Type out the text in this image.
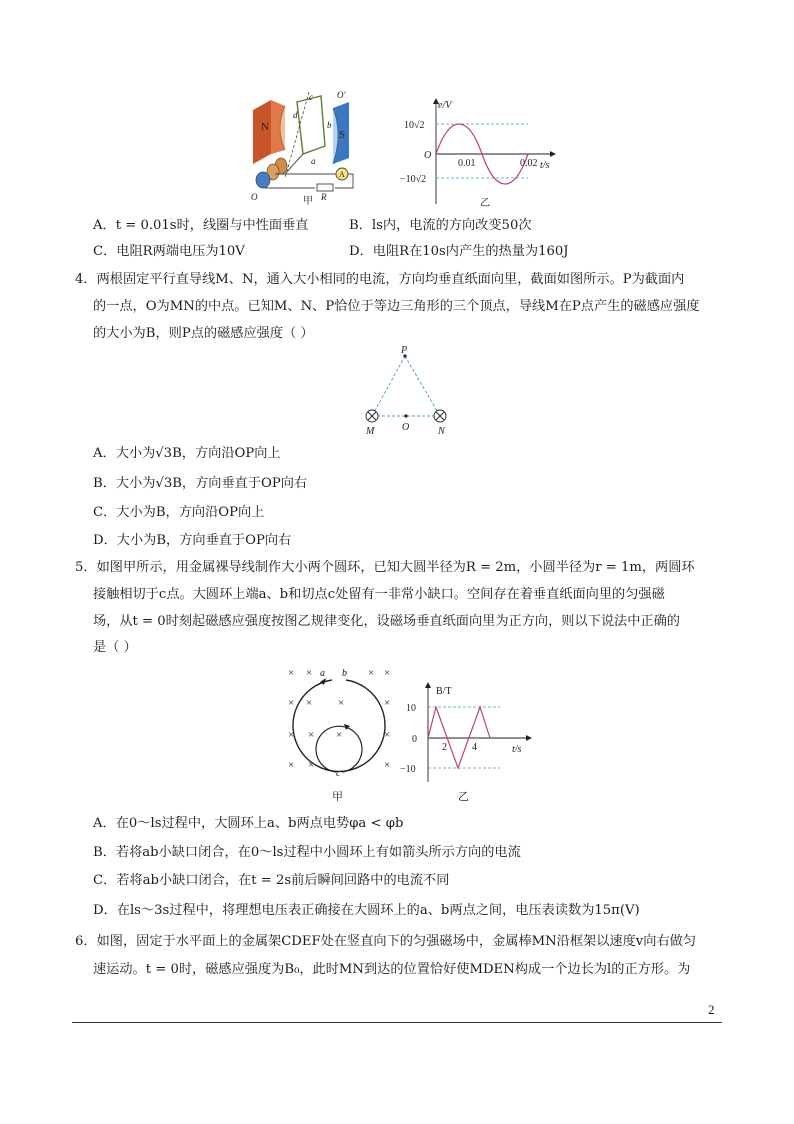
A
N
S
c
d
b
a
O′
O	R
甲
e/V
t/s
10√2
−10√2
O
0.01	0.02
乙
A．t = 0.01s时，线圈与中性面垂直	B．ls内，电流的方向改变50次
C．电阻R两端电压为10V	D．电阻R在10s内产生的热量为160J
4．两根固定平行直导线M、N，通入大小相同的电流，方向均垂直纸面向里，截面如图所示。P为截面内
的一点，O为MN的中点。已知M、N、P恰位于等边三角形的三个顶点，导线M在P点产生的磁感应强度
的大小为B，则P点的磁感应强度（ ）
P
M	O	N
A．大小为√3B，方向沿OP向上
B．大小为√3B，方向垂直于OP向右
C．大小为B，方向沿OP向上
D．大小为B，方向垂直于OP向右
5．如图甲所示，用金属裸导线制作大小两个圆环，已知大圆半径为R = 2m，小圆半径为r = 1m，两圆环
接触相切于c点。大圆环上端a、b和切点c处留有一非常小缺口。空间存在着垂直纸面向里的匀强磁
场，从t = 0时刻起磁感应强度按图乙规律变化，设磁场垂直纸面向里为正方向，则以下说法中正确的
是（ ）
× ×	× ×
× × ×	×
× × ×	×
×	×
×
a b
c
甲
B/T
t/s
10
−10
0
2	4
乙
A．在0～ls过程中，大圆环上a、b两点电势φa < φb
B．若将ab小缺口闭合，在0～ls过程中小圆环上有如箭头所示方向的电流
C．若将ab小缺口闭合，在t = 2s前后瞬间回路中的电流不同
D．在ls～3s过程中，将理想电压表正确接在大圆环上的a、b两点之间，电压表读数为15π(V)
6．如图，固定于水平面上的金属架CDEF处在竖直向下的匀强磁场中，金属棒MN沿框架以速度v向右做匀
速运动。t = 0时，磁感应强度为B₀，此时MN到达的位置恰好使MDEN构成一个边长为l的正方形。为
2
